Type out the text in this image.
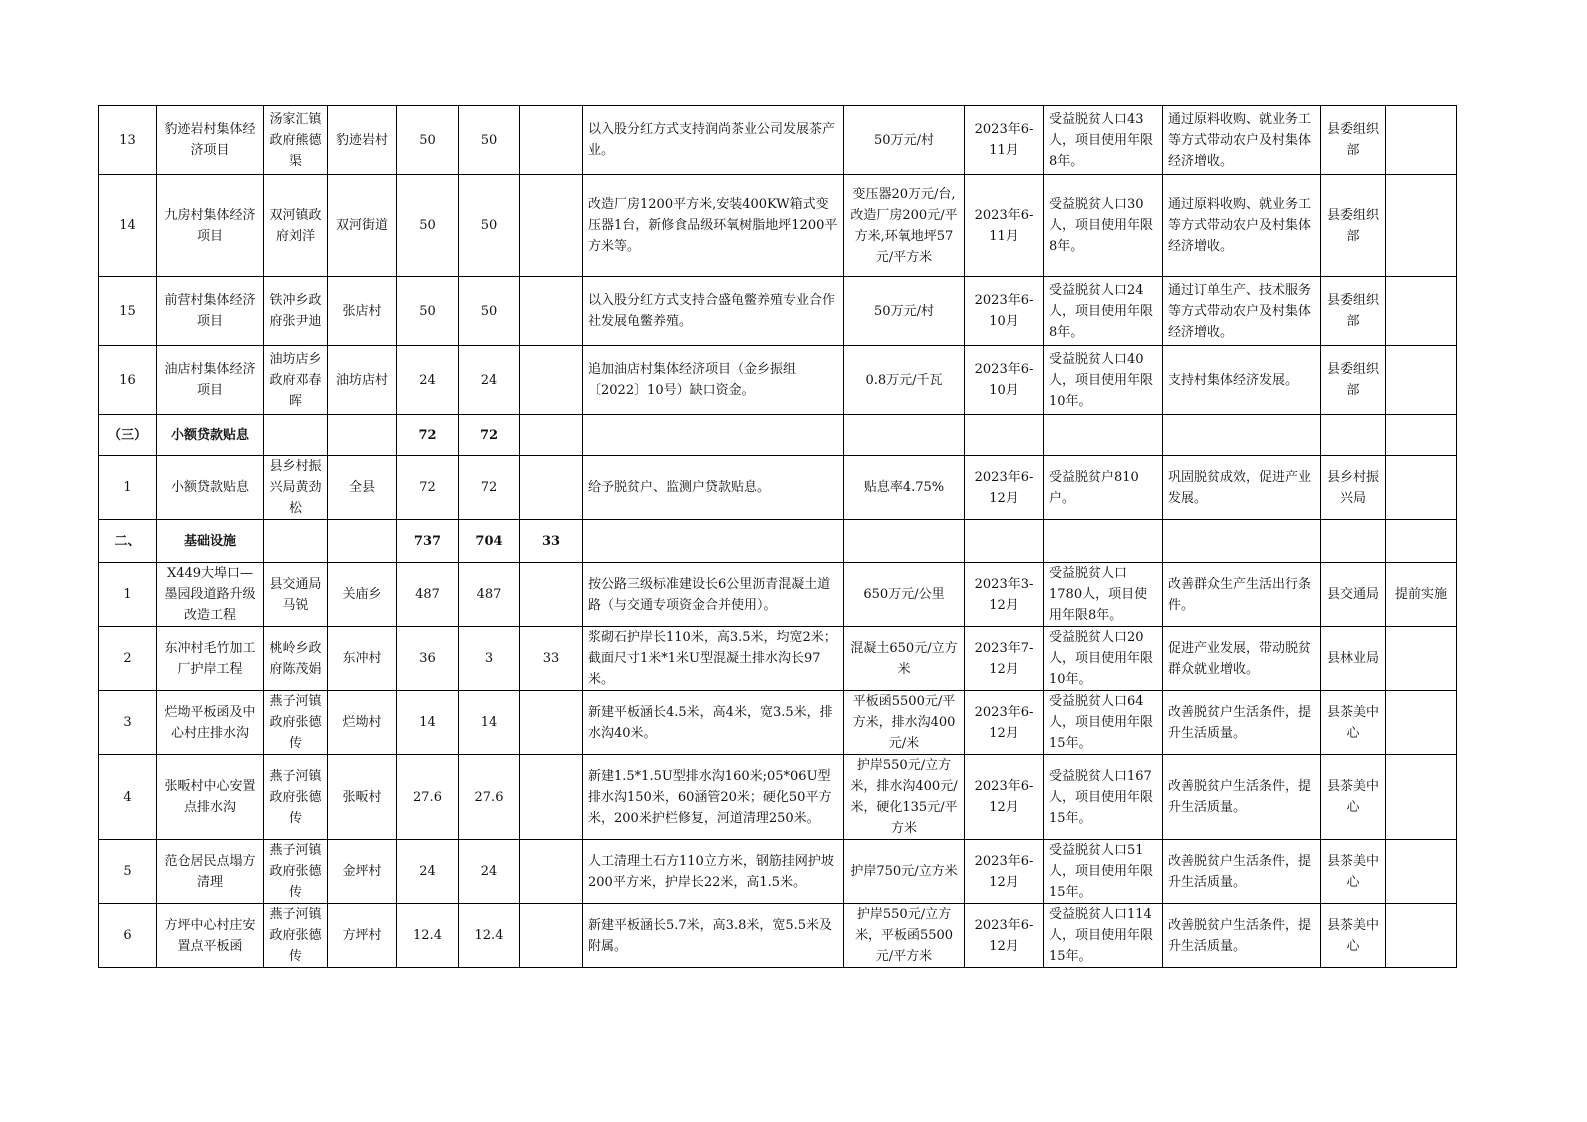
13	豹迹岩村集体经济项目	汤家汇镇政府熊德渠	豹迹岩村	50	50		以入股分红方式支持润尚茶业公司发展茶产业。	50万元/村	2023年6-11月	受益脱贫人口43人，项目使用年限8年。	通过原料收购、就业务工等方式带动农户及村集体经济增收。	县委组织部	
14	九房村集体经济项目	双河镇政府刘洋	双河街道	50	50		改造厂房1200平方米,安装400KW箱式变压器1台，新修食品级环氧树脂地坪1200平方米等。	变压器20万元/台,改造厂房200元/平方米,环氧地坪57元/平方米	2023年6-11月	受益脱贫人口30人，项目使用年限8年。	通过原料收购、就业务工等方式带动农户及村集体经济增收。	县委组织部	
15	前营村集体经济项目	铁冲乡政府张尹迪	张店村	50	50		以入股分红方式支持合盛龟鳖养殖专业合作社发展龟鳖养殖。	50万元/村	2023年6-10月	受益脱贫人口24人，项目使用年限8年。	通过订单生产、技术服务等方式带动农户及村集体经济增收。	县委组织部	
16	油店村集体经济项目	油坊店乡政府邓春晖	油坊店村	24	24		追加油店村集体经济项目（金乡振组〔2022〕10号）缺口资金。	0.8万元/千瓦	2023年6-10月	受益脱贫人口40人，项目使用年限10年。	支持村集体经济发展。	县委组织部	
（三）	小额贷款贴息			72	72								
1	小额贷款贴息	县乡村振兴局黄劲松	全县	72	72		给予脱贫户、监测户贷款贴息。	贴息率4.75%	2023年6-12月	受益脱贫户810户。	巩固脱贫成效，促进产业发展。	县乡村振兴局	
二、	基础设施			737	704	33							
1	X449大埠口—墨园段道路升级改造工程	县交通局马锐	关庙乡	487	487		按公路三级标准建设长6公里沥青混凝土道路（与交通专项资金合并使用）。	650万元/公里	2023年3-12月	受益脱贫人口1780人，项目使用年限8年。	改善群众生产生活出行条件。	县交通局	提前实施
2	东冲村毛竹加工厂护岸工程	桃岭乡政府陈茂娟	东冲村	36	3	33	浆砌石护岸长110米，高3.5米，均宽2米；截面尺寸1米*1米U型混凝土排水沟长97米。	混凝土650元/立方米	2023年7-12月	受益脱贫人口20人，项目使用年限10年。	促进产业发展，带动脱贫群众就业增收。	县林业局	
3	烂坳平板函及中心村庄排水沟	燕子河镇政府张德传	烂坳村	14	14		新建平板涵长4.5米，高4米，宽3.5米，排水沟40米。	平板函5500元/平方米，排水沟400元/米	2023年6-12月	受益脱贫人口64人，项目使用年限15年。	改善脱贫户生活条件，提升生活质量。	县茶美中心	
4	张畈村中心安置点排水沟	燕子河镇政府张德传	张畈村	27.6	27.6		新建1.5*1.5U型排水沟160米;05*06U型排水沟150米，60涵管20米；硬化50平方米，200米护栏修复，河道清理250米。	护岸550元/立方米，排水沟400元/米，硬化135元/平方米	2023年6-12月	受益脱贫人口167人，项目使用年限15年。	改善脱贫户生活条件，提升生活质量。	县茶美中心	
5	范仓居民点塌方清理	燕子河镇政府张德传	金坪村	24	24		人工清理土石方110立方米，钢筋挂网护坡200平方米，护岸长22米，高1.5米。	护岸750元/立方米	2023年6-12月	受益脱贫人口51人，项目使用年限15年。	改善脱贫户生活条件，提升生活质量。	县茶美中心	
6	方坪中心村庄安置点平板函	燕子河镇政府张德传	方坪村	12.4	12.4		新建平板涵长5.7米，高3.8米，宽5.5米及附属。	护岸550元/立方米，平板函5500元/平方米	2023年6-12月	受益脱贫人口114人，项目使用年限15年。	改善脱贫户生活条件，提升生活质量。	县茶美中心	
